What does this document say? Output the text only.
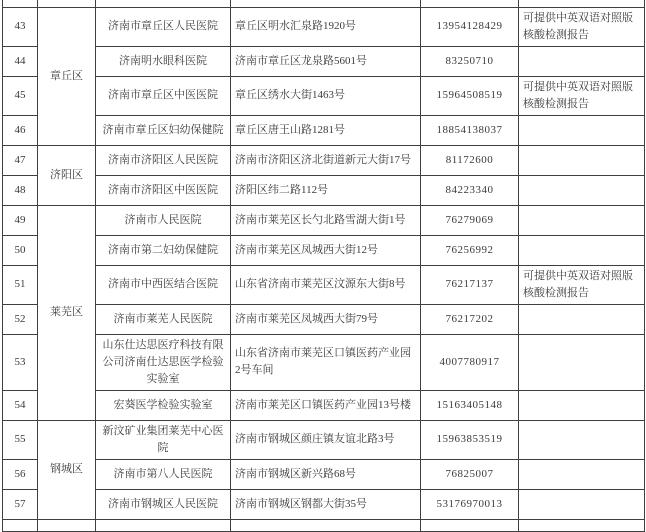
43	章丘区	济南市章丘区人民医院	章丘区明水汇泉路1920号	13954128429	可提供中英双语对照版核酸检测报告
44		济南明水眼科医院	济南市章丘区龙泉路5601号	83250710	
45		济南市章丘区中医医院	章丘区绣水大街1463号	15964508519	可提供中英双语对照版核酸检测报告
46		济南市章丘区妇幼保健院	章丘区唐王山路1281号	18854138037	
47	济阳区	济南市济阳区人民医院	济南市济阳区济北街道新元大街17号	81172600	
48		济南市济阳区中医医院	济阳区纬二路112号	84223340	
49	莱芜区	济南市人民医院	济南市莱芜区长勺北路雪湖大街1号	76279069	
50		济南市第二妇幼保健院	济南市莱芜区凤城西大街12号	76256992	
51		济南市中西医结合医院	山东省济南市莱芜区汶源东大街8号	76217137	可提供中英双语对照版核酸检测报告
52		济南市莱芜人民医院	济南市莱芜区凤城西大街79号	76217202	
53		山东仕达思医疗科技有限公司济南仕达思医学检验实验室	山东省济南市莱芜区口镇医药产业园2号车间	4007780917	
54		宏葵医学检验实验室	济南市莱芜区口镇医药产业园13号楼	15163405148	
55	钢城区	新汶矿业集团莱芜中心医院	济南市钢城区颜庄镇友谊北路3号	15963853519	
56		济南市第八人民医院	济南市钢城区新兴路68号	76825007	
57		济南市钢城区人民医院	济南市钢城区钢都大街35号	53176970013	
